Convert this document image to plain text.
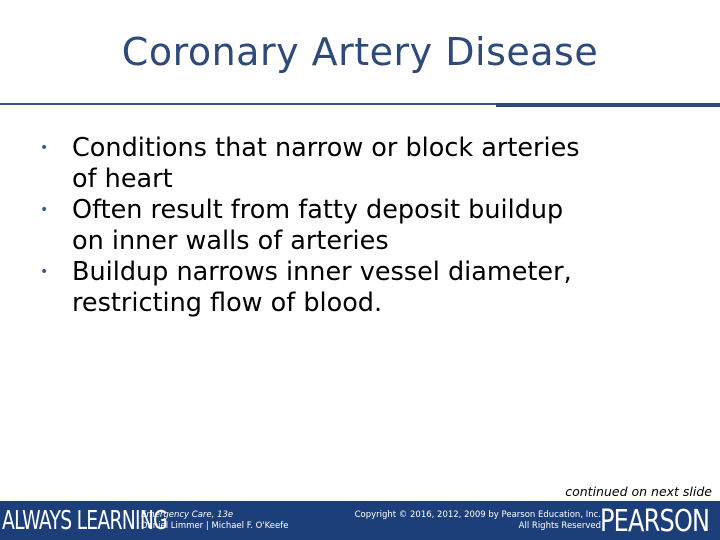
Coronary Artery Disease
• Conditions that narrow or block arteries
of heart
• Often result from fatty deposit buildup
on inner walls of arteries
• Buildup narrows inner vessel diameter,
restricting flow of blood.
continued on next slide
ALWAYS LEARNING
Emergency Care, 13e
Daniel Limmer | Michael F. O'Keefe
Copyright © 2016, 2012, 2009 by Pearson Education, Inc.
All Rights Reserved PEARSON
